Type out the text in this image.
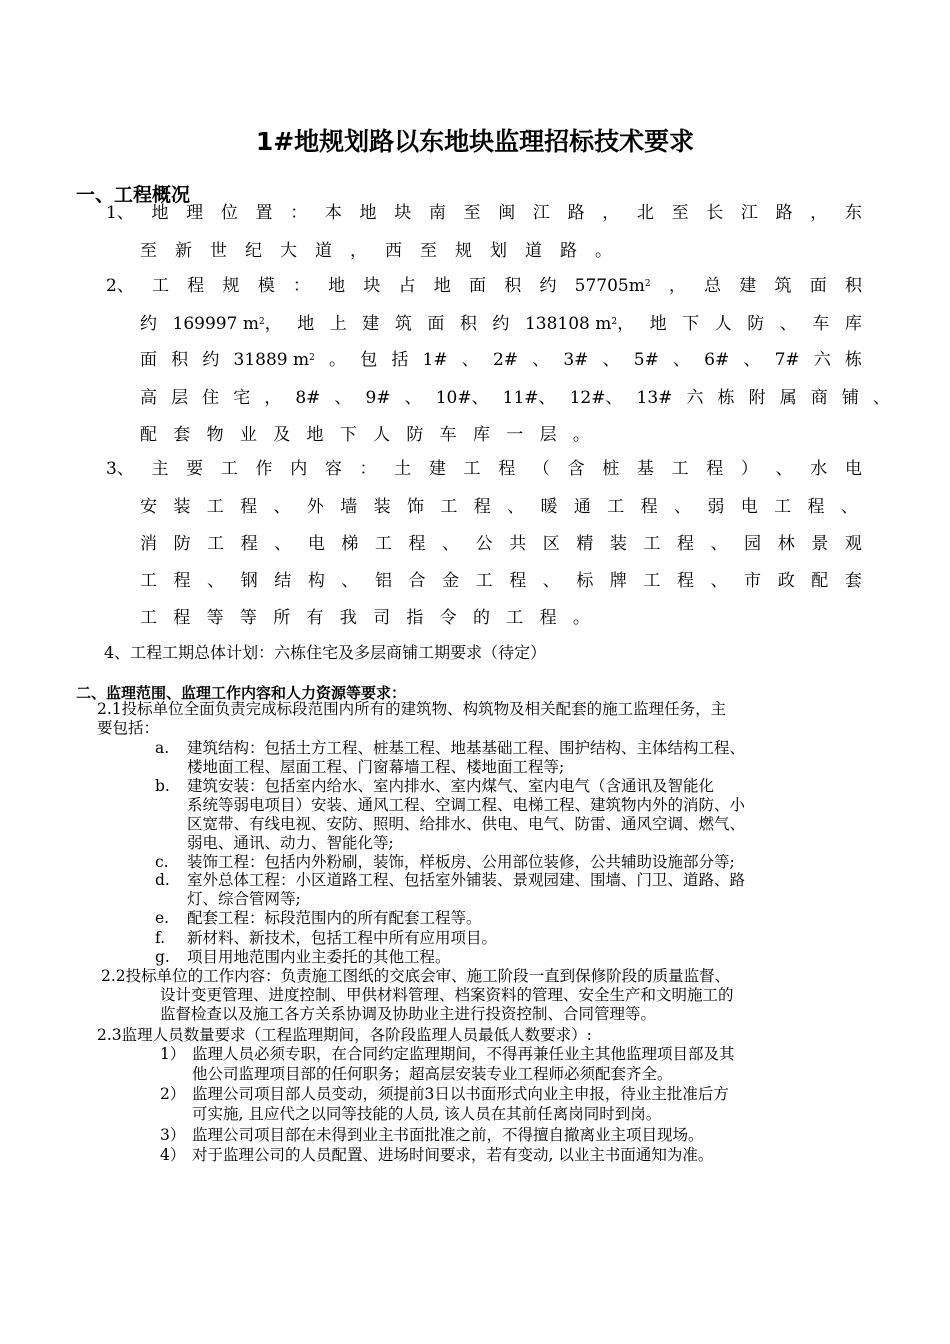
1#地规划路以东地块监理招标技术要求
一、工程概况
1、 地 理 位 置 ： 本 地 块 南 至 闽 江 路 ， 北 至 长 江 路 ， 东
至 新 世 纪 大 道 ， 西 至 规 划 道 路 。
2、 工 程 规 模 ： 地 块 占 地 面 积 约 $57705m^2$ ， 总 建 筑 面 积
约 169997 $m^2$， 地 上 建 筑 面 积 约 138108 $m^2$， 地 下 人 防 、 车 库
面 积 约 31889 $m^2$ 。 包 括 1# 、 2# 、 3# 、 5# 、 6# 、 7# 六 栋
高 层 住 宅 ， 8# 、 9# 、 10#、 11#、 12#、 13# 六 栋 附 属 商 铺 、
配 套 物 业 及 地 下 人 防 车 库 一 层 。
3、 主 要 工 作 内 容 ： 土 建 工 程 （ 含 桩 基 工 程 ） 、 水 电
安 装 工 程 、 外 墙 装 饰 工 程 、 暖 通 工 程 、 弱 电 工 程 、
消 防 工 程 、 电 梯 工 程 、 公 共 区 精 装 工 程 、 园 林 景 观
工 程 、 钢 结 构 、 铝 合 金 工 程 、 标 牌 工 程 、 市 政 配 套
工 程 等 等 所 有 我 司 指 令 的 工 程 。
4、工程工期总体计划：六栋住宅及多层商铺工期要求（待定）
二、监理范围、监理工作内容和人力资源等要求：
2.1投标单位全面负责完成标段范围内所有的建筑物、构筑物及相关配套的施工监理任务，主
要包括：
a. 建筑结构：包括土方工程、桩基工程、地基基础工程、围护结构、主体结构工程、
楼地面工程、屋面工程、门窗幕墙工程、楼地面工程等;
b. 建筑安装：包括室内给水、室内排水、室内煤气、室内电气（含通讯及智能化
系统等弱电项目）安装、通风工程、空调工程、电梯工程、建筑物内外的消防、小
区宽带、有线电视、安防、照明、给排水、供电、电气、防雷、通风空调、燃气、
弱电、通讯、动力、智能化等;
c. 装饰工程：包括内外粉刷，装饰，样板房、公用部位装修，公共辅助设施部分等;
d. 室外总体工程：小区道路工程、包括室外铺装、景观园建、围墙、门卫、道路、路
灯、综合管网等;
e. 配套工程：标段范围内的所有配套工程等。
f. 新材料、新技术，包括工程中所有应用项目。
g. 项目用地范围内业主委托的其他工程。
2.2投标单位的工作内容：负责施工图纸的交底会审、施工阶段一直到保修阶段的质量监督、
设计变更管理、进度控制、甲供材料管理、档案资料的管理、安全生产和文明施工的
监督检查以及施工各方关系协调及协助业主进行投资控制、合同管理等。
2.3监理人员数量要求（工程监理期间，各阶段监理人员最低人数要求）:
1） 监理人员必须专职，在合同约定监理期间，不得再兼任业主其他监理项目部及其
他公司监理项目部的任何职务；超高层安装专业工程师必须配套齐全。
2） 监理公司项目部人员变动，须提前3日以书面形式向业主申报，待业主批准后方
可实施, 且应代之以同等技能的人员, 该人员在其前任离岗同时到岗。
3） 监理公司项目部在未得到业主书面批准之前，不得擅自撤离业主项目现场。
4） 对于监理公司的人员配置、进场时间要求，若有变动, 以业主书面通知为准。
